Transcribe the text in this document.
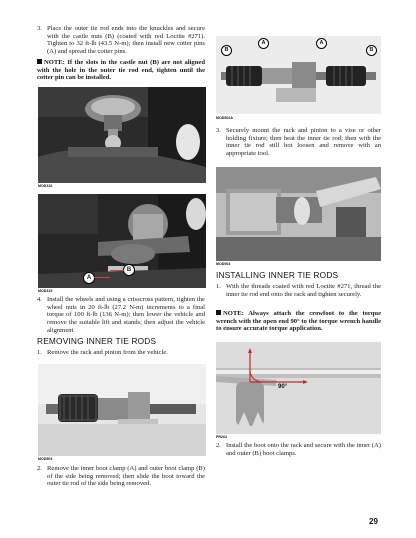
3. Place the outer tie rod ends into the knuckles and secure with the castle nuts (B) (coated with red Loctite #271). Tighten to 32 ft-lb (43.5 N-m); then install new cotter pins (A) and spread the cotter pins.
NOTE: If the slots in the castle nut (B) are not aligned with the hole in the outer tie rod end, tighten until the cotter pin can be installed.
MOD316
B
A
MOD315
4. Install the wheels and using a crisscross pattern, tighten the wheel nuts in 20 ft-lb (27.2 N-m) increments to a final torque of 100 ft-lb (136 N-m); then lower the vehicle and remove the suitable lift and stands; then adjust the vehicle alignment
REMOVING INNER TIE RODS
1. Remove the rack and pinion from the vehicle.
MOD503
2. Remove the inner boot clamp (A) and outer boot clamp (B) of the side being removed; then slide the boot toward the outer tie rod of the side being removed.
B
A	A
B
MOD502A
3. Securely mount the rack and pinion to a vise or other holding fixture; then heat the inner tie rod; then with the inner tie rod still hot loosen and remove with an appropriate tool.
MOD504
INSTALLING INNER TIE RODS
1. With the threads coated with red Loctite #271, thread the inner tie rod end onto the rack and tighten securely.
NOTE: Always attach the crowfoot to the torque wrench with the open end 90° to the torque wrench handle to ensure accurate torque application.
90°
PR264
2. Install the boot onto the rack and secure with the inner (A) and outer (B) boot clamps.
29
